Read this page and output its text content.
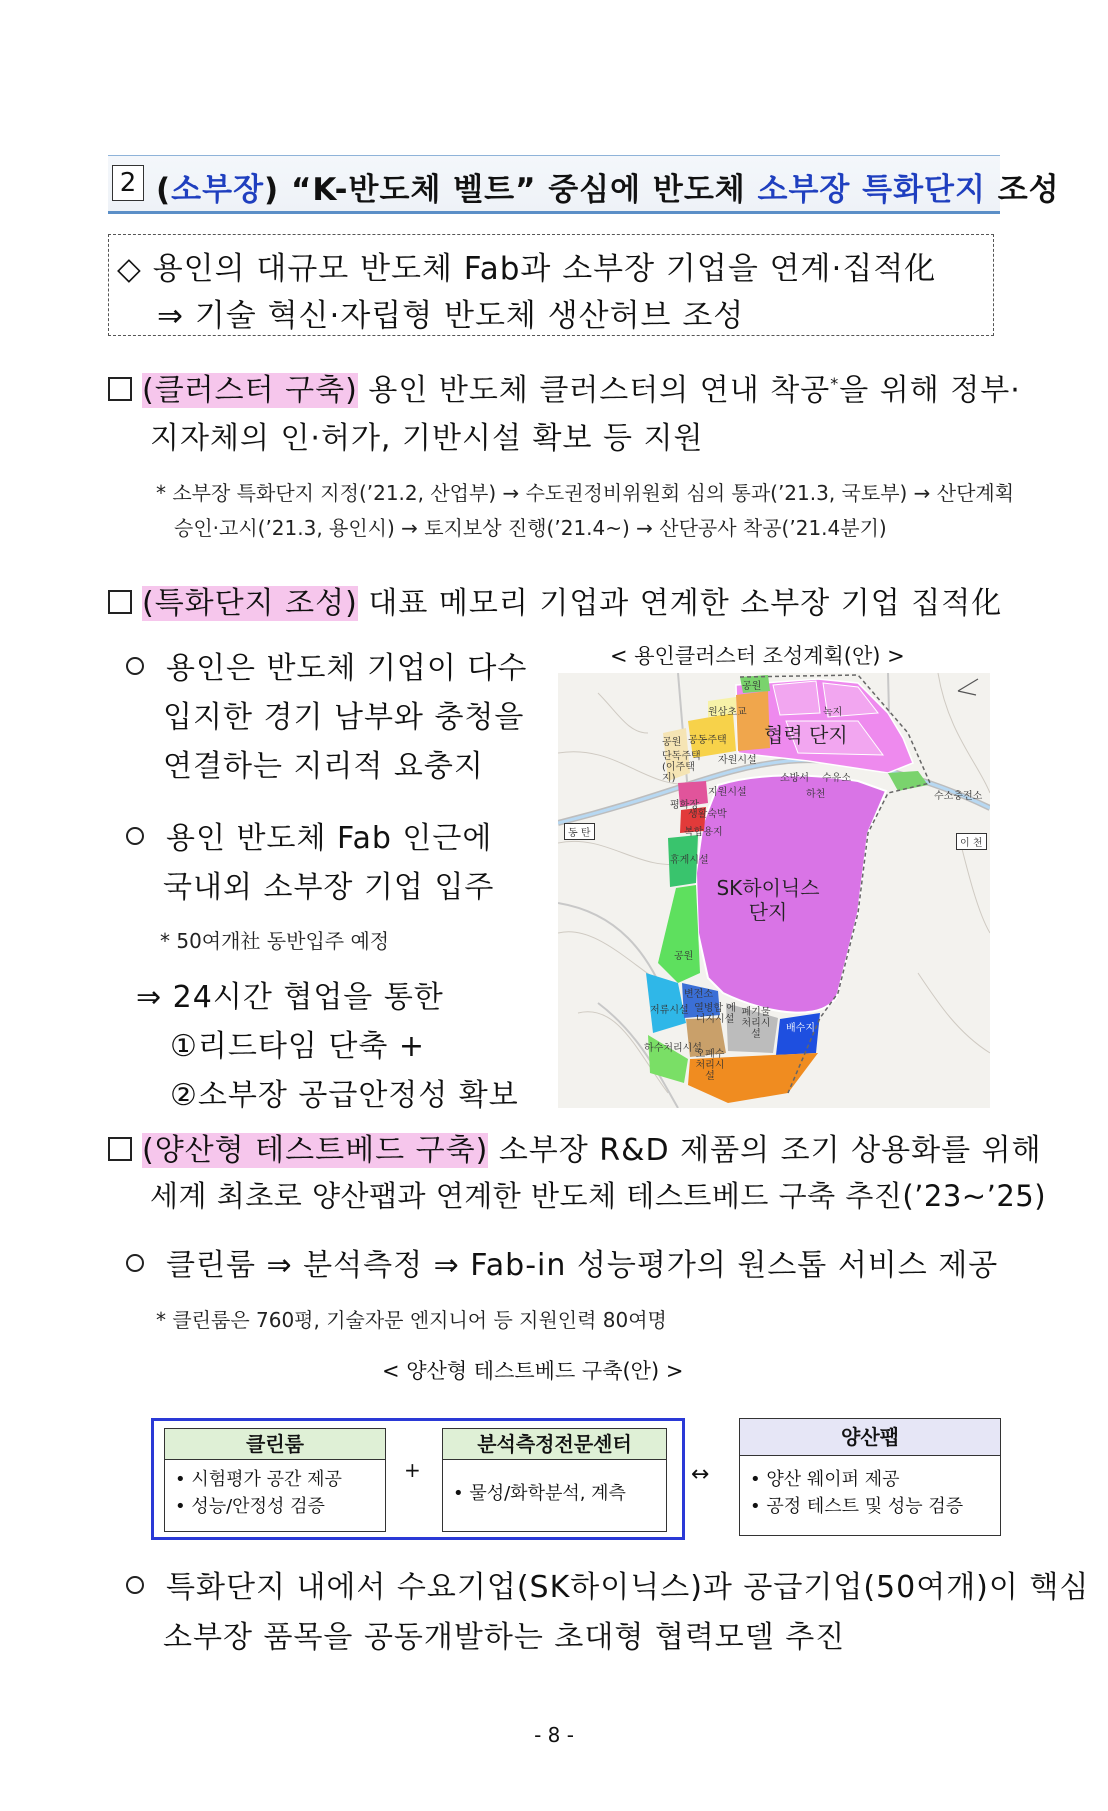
2 (소부장) “K-반도체 벨트” 중심에 반도체 소부장 특화단지 조성
◇ 용인의 대규모 반도체 Fab과 소부장 기업을 연계·집적化
⇒ 기술 혁신·자립형 반도체 생산허브 조성
(클러스터 구축) 용인 반도체 클러스터의 연내 착공*을 위해 정부·
지자체의 인·허가, 기반시설 확보 등 지원
* 소부장 특화단지 지정(’21.2, 산업부) → 수도권정비위원회 심의 통과(’21.3, 국토부) → 산단계획
승인·고시(’21.3, 용인시) → 토지보상 진행(’21.4~) → 산단공사 착공(’21.4분기)
(특화단지 조성) 대표 메모리 기업과 연계한 소부장 기업 집적化
용인은 반도체 기업이 다수
입지한 경기 남부와 충청을
연결하는 지리적 요충지
용인 반도체 Fab 인근에
국내외 소부장 기업 입주
* 50여개社 동반입주 예정
⇒ 24시간 협업을 통한
①리드타임 단축 +
②소부장 공급안정성 확보
< 용인클러스터 조성계획(안) >
협력 단지
SK하이닉스
단지
공원
녹지
원삼초교
공원 공동주택
단독주택(이주택지)
자원시설
소방서 수유소
하천	수소충전소
동 탄
이 천
지원시설
평화장
생활숙박
복합용지
휴게시설
공원
변전소
저류시설 열병합 에너지시설
폐기물처리시설
배수지
하수처리시설
오폐수처리시설
(양산형 테스트베드 구축) 소부장 R&D 제품의 조기 상용화를 위해
세계 최초로 양산팹과 연계한 반도체 테스트베드 구축 추진(’23~’25)
클린룸 ⇒ 분석측정 ⇒ Fab-in 성능평가의 원스톱 서비스 제공
* 클린룸은 760평, 기술자문 엔지니어 등 지원인력 80여명
< 양산형 테스트베드 구축(안) >
클린룸
• 시험평가 공간 제공
• 성능/안정성 검증
+
분석측정전문센터
• 물성/화학분석, 계측
↔
양산팹
• 양산 웨이퍼 제공
• 공정 테스트 및 성능 검증
특화단지 내에서 수요기업(SK하이닉스)과 공급기업(50여개)이 핵심
소부장 품목을 공동개발하는 초대형 협력모델 추진
- 8 -
